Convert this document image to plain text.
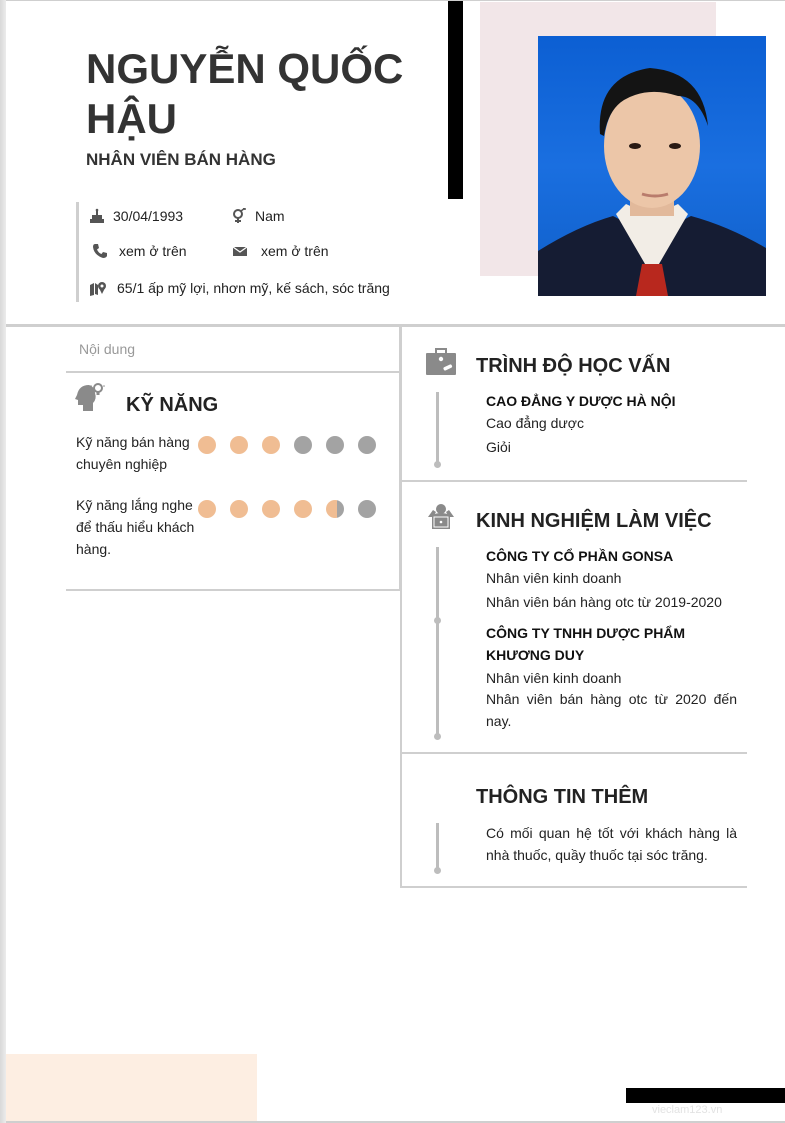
NGUYỄN QUỐC HẬU
NHÂN VIÊN BÁN HÀNG
30/04/1993	Nam
xem ở trên	xem ở trên
65/1 ấp mỹ lợi, nhơn mỹ, kế sách, sóc trăng
Nội dung
KỸ NĂNG
Kỹ năng bán hàng chuyên nghiệp
Kỹ năng lắng nghe để thấu hiểu khách hàng.
TRÌNH ĐỘ HỌC VẤN
CAO ĐẲNG Y DƯỢC HÀ NỘI
Cao đẳng dược
Giỏi
KINH NGHIỆM LÀM VIỆC
CÔNG TY CỔ PHẦN GONSA
Nhân viên kinh doanh
Nhân viên bán hàng otc từ 2019-2020
CÔNG TY TNHH DƯỢC PHẨM KHƯƠNG DUY
Nhân viên kinh doanh
Nhân viên bán hàng otc từ 2020 đến nay.
THÔNG TIN THÊM
Có mối quan hệ tốt với khách hàng là nhà thuốc, quầy thuốc tại sóc trăng.
vieclam123.vn
